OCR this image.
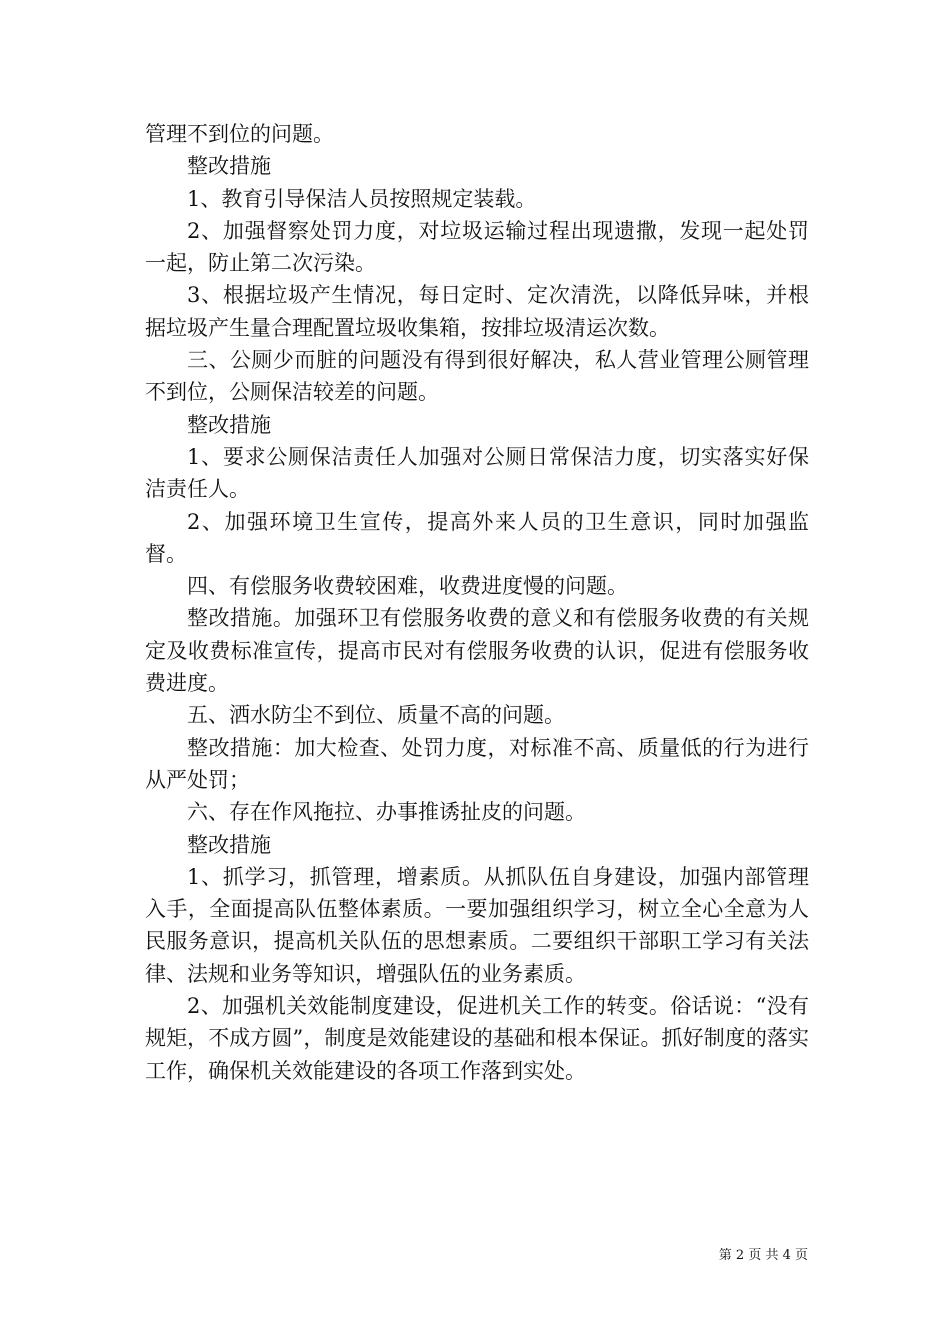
管理不到位的问题。

整改措施

1、教育引导保洁人员按照规定装载。

2、加强督察处罚力度，对垃圾运输过程出现遗撒，发现一起处罚一起，防止第二次污染。

3、根据垃圾产生情况，每日定时、定次清洗，以降低异味，并根据垃圾产生量合理配置垃圾收集箱，按排垃圾清运次数。

三、公厕少而脏的问题没有得到很好解决，私人营业管理公厕管理不到位，公厕保洁较差的问题。

整改措施

1、要求公厕保洁责任人加强对公厕日常保洁力度，切实落实好保洁责任人。

2、加强环境卫生宣传，提高外来人员的卫生意识，同时加强监督。

四、有偿服务收费较困难，收费进度慢的问题。

整改措施。加强环卫有偿服务收费的意义和有偿服务收费的有关规定及收费标准宣传，提高市民对有偿服务收费的认识，促进有偿服务收费进度。

五、洒水防尘不到位、质量不高的问题。

整改措施：加大检查、处罚力度，对标准不高、质量低的行为进行从严处罚；

六、存在作风拖拉、办事推诱扯皮的问题。

整改措施

1、抓学习，抓管理，增素质。从抓队伍自身建设，加强内部管理入手，全面提高队伍整体素质。一要加强组织学习，树立全心全意为人民服务意识，提高机关队伍的思想素质。二要组织干部职工学习有关法律、法规和业务等知识，增强队伍的业务素质。

2、加强机关效能制度建设，促进机关工作的转变。俗话说：“没有规矩，不成方圆”，制度是效能建设的基础和根本保证。抓好制度的落实工作，确保机关效能建设的各项工作落到实处。

第 2 页 共 4 页
